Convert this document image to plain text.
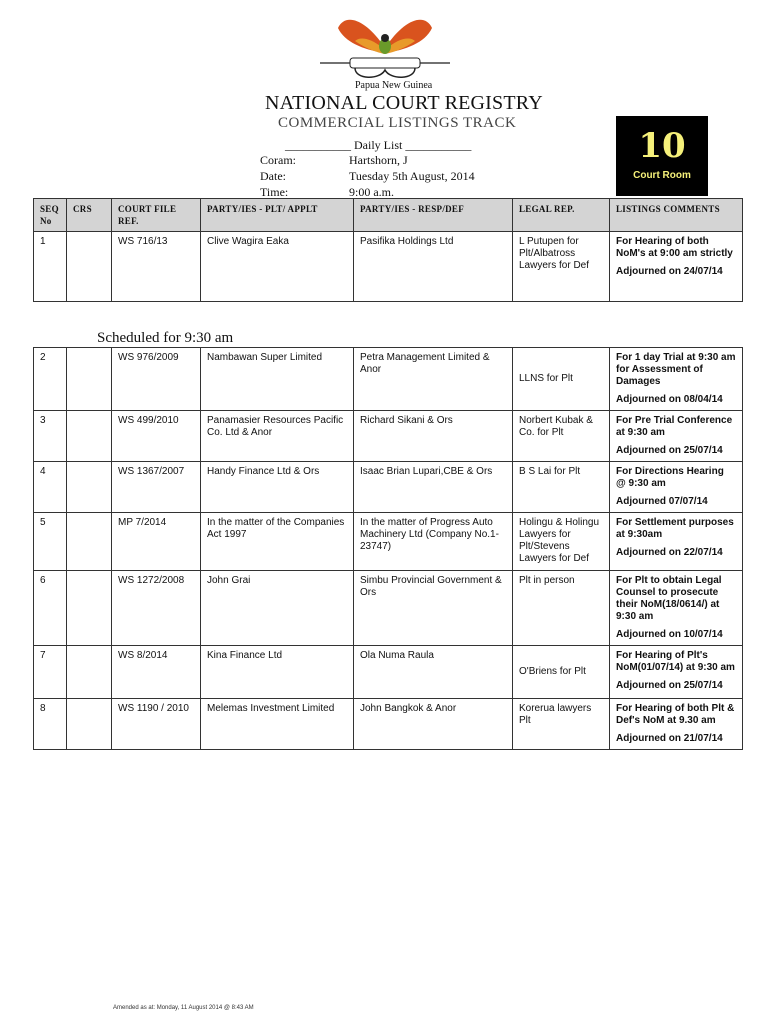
Papua New Guinea
NATIONAL COURT REGISTRY
COMMERCIAL LISTINGS TRACK
___________ Daily List ___________
Coram:	Hartshorn, J
Date:	Tuesday 5th August, 2014
Time:	9:00 a.m.
10
Court Room
SEQ No	CRS	COURT FILE REF.	PARTY/IES - PLT/ APPLT	PARTY/IES - RESP/DEF	LEGAL REP.	LISTINGS COMMENTS
1		WS 716/13	Clive Wagira Eaka	Pasifika Holdings Ltd	L Putupen for Plt/Albatross Lawyers for Def	For Hearing of both NoM's at 9:00 am strictly
Adjourned on 24/07/14
Scheduled for 9:30 am
2		WS 976/2009	Nambawan Super Limited	Petra Management Limited & Anor	LLNS for Plt	For 1 day Trial at 9:30 am for Assessment of Damages
Adjourned on 08/04/14

3		WS 499/2010	Panamasier Resources Pacific Co. Ltd & Anor	Richard Sikani & Ors	Norbert Kubak & Co. for Plt	For Pre Trial Conference at 9:30 am
Adjourned on 25/07/14

4		WS 1367/2007	Handy Finance Ltd & Ors	Isaac Brian Lupari,CBE & Ors	B S Lai for Plt	For Directions Hearing @ 9:30 am
Adjourned 07/07/14

5		MP 7/2014	In the matter of the Companies Act 1997	In the matter of Progress Auto Machinery Ltd (Company No.1-23747)	Holingu & Holingu Lawyers for Plt/Stevens Lawyers for Def	For Settlement purposes at 9:30am
Adjourned on 22/07/14

6		WS 1272/2008	John Grai	Simbu Provincial Government & Ors	Plt in person	For Plt to obtain Legal Counsel to prosecute their NoM(18/0614/) at 9:30 am
Adjourned on 10/07/14

7		WS 8/2014	Kina Finance Ltd	Ola Numa Raula	O'Briens for Plt	For Hearing of Plt's NoM(01/07/14) at 9:30 am
Adjourned on 25/07/14

8		WS 1190 / 2010	Melemas Investment Limited	John Bangkok & Anor	Korerua lawyers Plt	For Hearing of both Plt & Def's NoM at 9.30 am
Adjourned on 21/07/14
Amended as at: Monday, 11 August 2014 @ 8:43 AM
